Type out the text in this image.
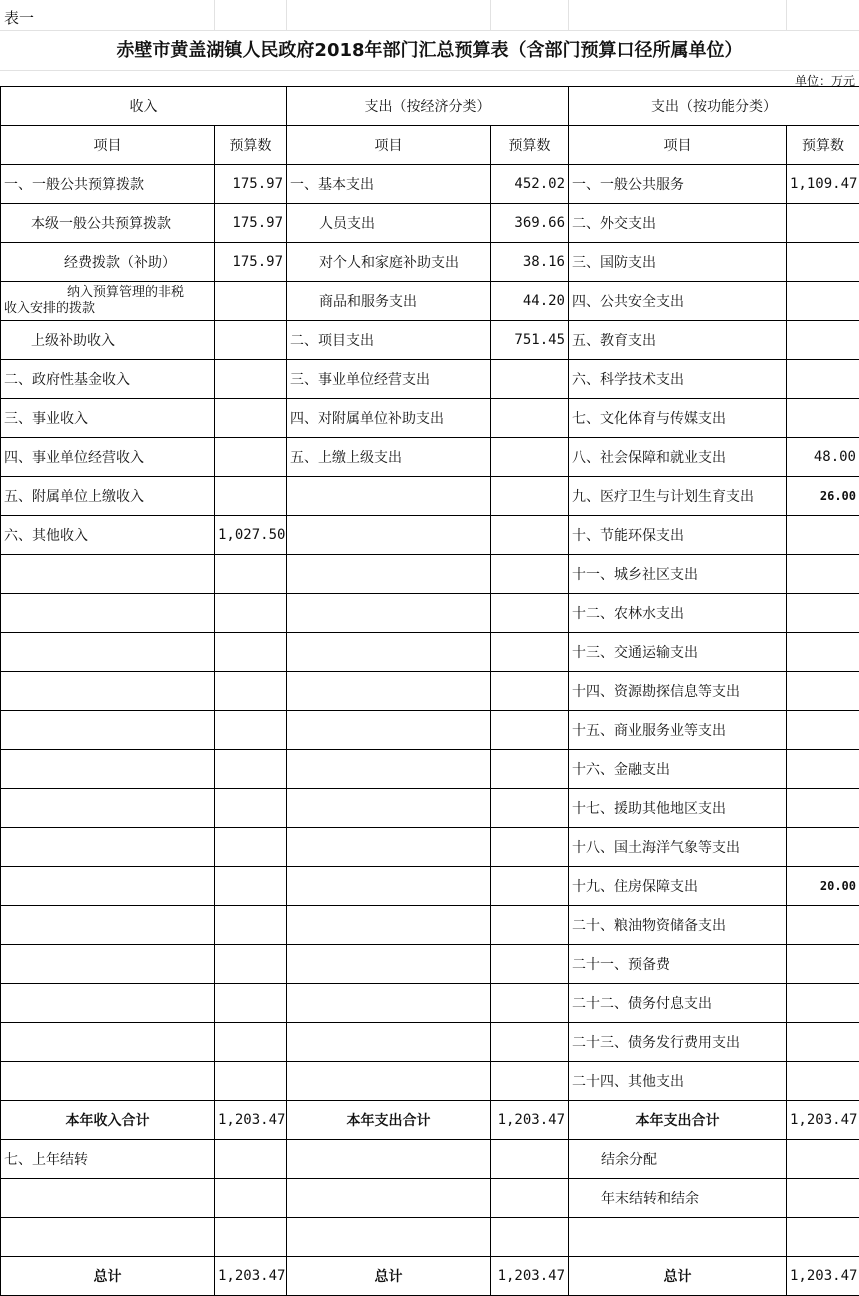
表一
赤壁市黄盖湖镇人民政府2018年部门汇总预算表（含部门预算口径所属单位）
单位：万元
收入		支出（按经济分类）		支出（按功能分类）	
项目	预算数	项目	预算数	项目	预算数
一、一般公共预算拨款	175.97	一、基本支出	452.02	一、一般公共服务	1,109.47
本级一般公共预算拨款	175.97	人员支出	369.66	二、外交支出	
经费拨款（补助）	175.97	对个人和家庭补助支出	38.16	三、国防支出	

纳入预算管理的非税
收入安排的拨款		商品和服务支出	44.20	四、公共安全支出	
上级补助收入		二、项目支出	751.45	五、教育支出	
二、政府性基金收入		三、事业单位经营支出		六、科学技术支出	
三、事业收入		四、对附属单位补助支出		七、文化体育与传媒支出	
四、事业单位经营收入		五、上缴上级支出		八、社会保障和就业支出	48.00
五、附属单位上缴收入				九、医疗卫生与计划生育支出	26.00
六、其他收入	1,027.50			十、节能环保支出	
				十一、城乡社区支出	
				十二、农林水支出	
				十三、交通运输支出	
				十四、资源勘探信息等支出	
				十五、商业服务业等支出	
				十六、金融支出	
				十七、援助其他地区支出	
				十八、国土海洋气象等支出	
				十九、住房保障支出	20.00
				二十、粮油物资储备支出	
				二十一、预备费	
				二十二、债务付息支出	
				二十三、债务发行费用支出	
				二十四、其他支出	
本年收入合计	1,203.47	本年支出合计	1,203.47	本年支出合计	1,203.47
七、上年结转				结余分配	
				年末结转和结余	

总计	1,203.47	总计	1,203.47	总计	1,203.47
